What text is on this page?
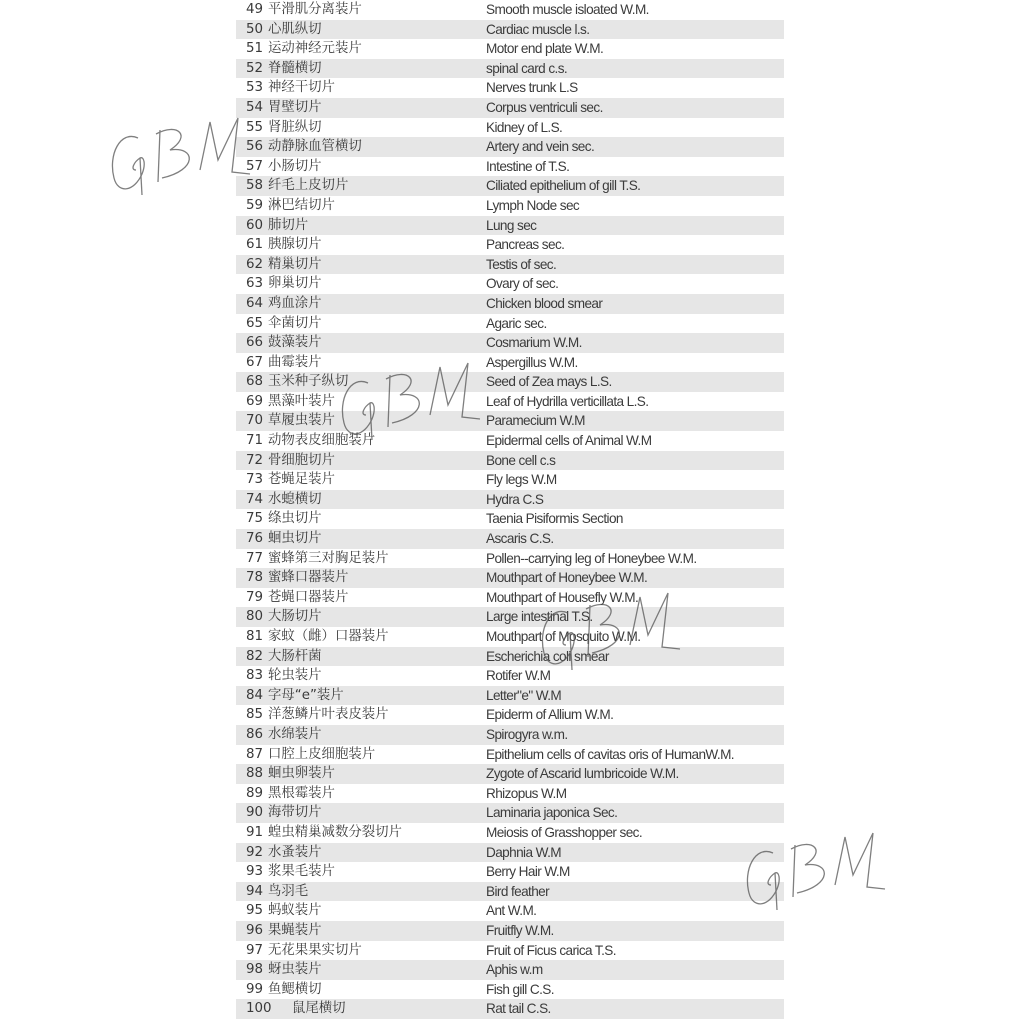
49 平滑肌分离装片	Smooth muscle isloated W.M.
50 心肌纵切	Cardiac muscle l.s.
51 运动神经元装片	Motor end plate W.M.
52 脊髓横切	spinal card c.s.
53 神经干切片	Nerves trunk L.S
54 胃壁切片	Corpus ventriculi sec.
55 肾脏纵切	Kidney of L.S.
56 动静脉血管横切	Artery and vein sec.
57 小肠切片	Intestine of T.S.
58 纤毛上皮切片	Ciliated epithelium of gill T.S.
59 淋巴结切片	Lymph Node sec
60 肺切片	Lung sec
61 胰腺切片	Pancreas sec.
62 精巢切片	Testis of sec.
63 卵巢切片	Ovary of sec.
64 鸡血涂片	Chicken blood smear
65 伞菌切片	Agaric sec.
66 鼓藻装片	Cosmarium W.M.
67 曲霉装片	Aspergillus W.M.
68 玉米种子纵切	Seed of Zea mays L.S.
69 黑藻叶装片	Leaf of Hydrilla verticillata L.S.
70 草履虫装片	Paramecium W.M
71 动物表皮细胞装片	Epidermal cells of Animal W.M
72 骨细胞切片	Bone cell c.s
73 苍蝇足装片	Fly legs W.M
74 水螅横切	Hydra C.S
75 绦虫切片	Taenia Pisiformis Section
76 蛔虫切片	Ascaris C.S.
77 蜜蜂第三对胸足装片	Pollen--carrying leg of Honeybee W.M.
78 蜜蜂口器装片	Mouthpart of Honeybee W.M.
79 苍蝇口器装片	Mouthpart of Housefly W.M.
80 大肠切片	Large intestinal T.S.
81 家蚊（雌）口器装片	Mouthpart of Mosquito W.M.
82 大肠杆菌	Escherichia coli smear
83 轮虫装片	Rotifer W.M
84 字母“e”装片	Letter"e" W.M
85 洋葱鳞片叶表皮装片	Epiderm of Allium W.M.
86 水绵装片	Spirogyra w.m.
87 口腔上皮细胞装片	Epithelium cells of cavitas oris of HumanW.M.
88 蛔虫卵装片	Zygote of Ascarid lumbricoide W.M.
89 黑根霉装片	Rhizopus W.M
90 海带切片	Laminaria japonica Sec.
91 蝗虫精巢减数分裂切片	Meiosis of Grasshopper sec.
92 水蚤装片	Daphnia W.M
93 浆果毛装片	Berry Hair W.M
94 鸟羽毛	Bird feather
95 蚂蚁装片	Ant W.M.
96 果蝇装片	Fruitfly W.M.
97 无花果果实切片	Fruit of Ficus carica T.S.
98 蚜虫装片	Aphis w.m
99 鱼鳃横切	Fish gill C.S.
100 鼠尾横切	Rat tail C.S.
